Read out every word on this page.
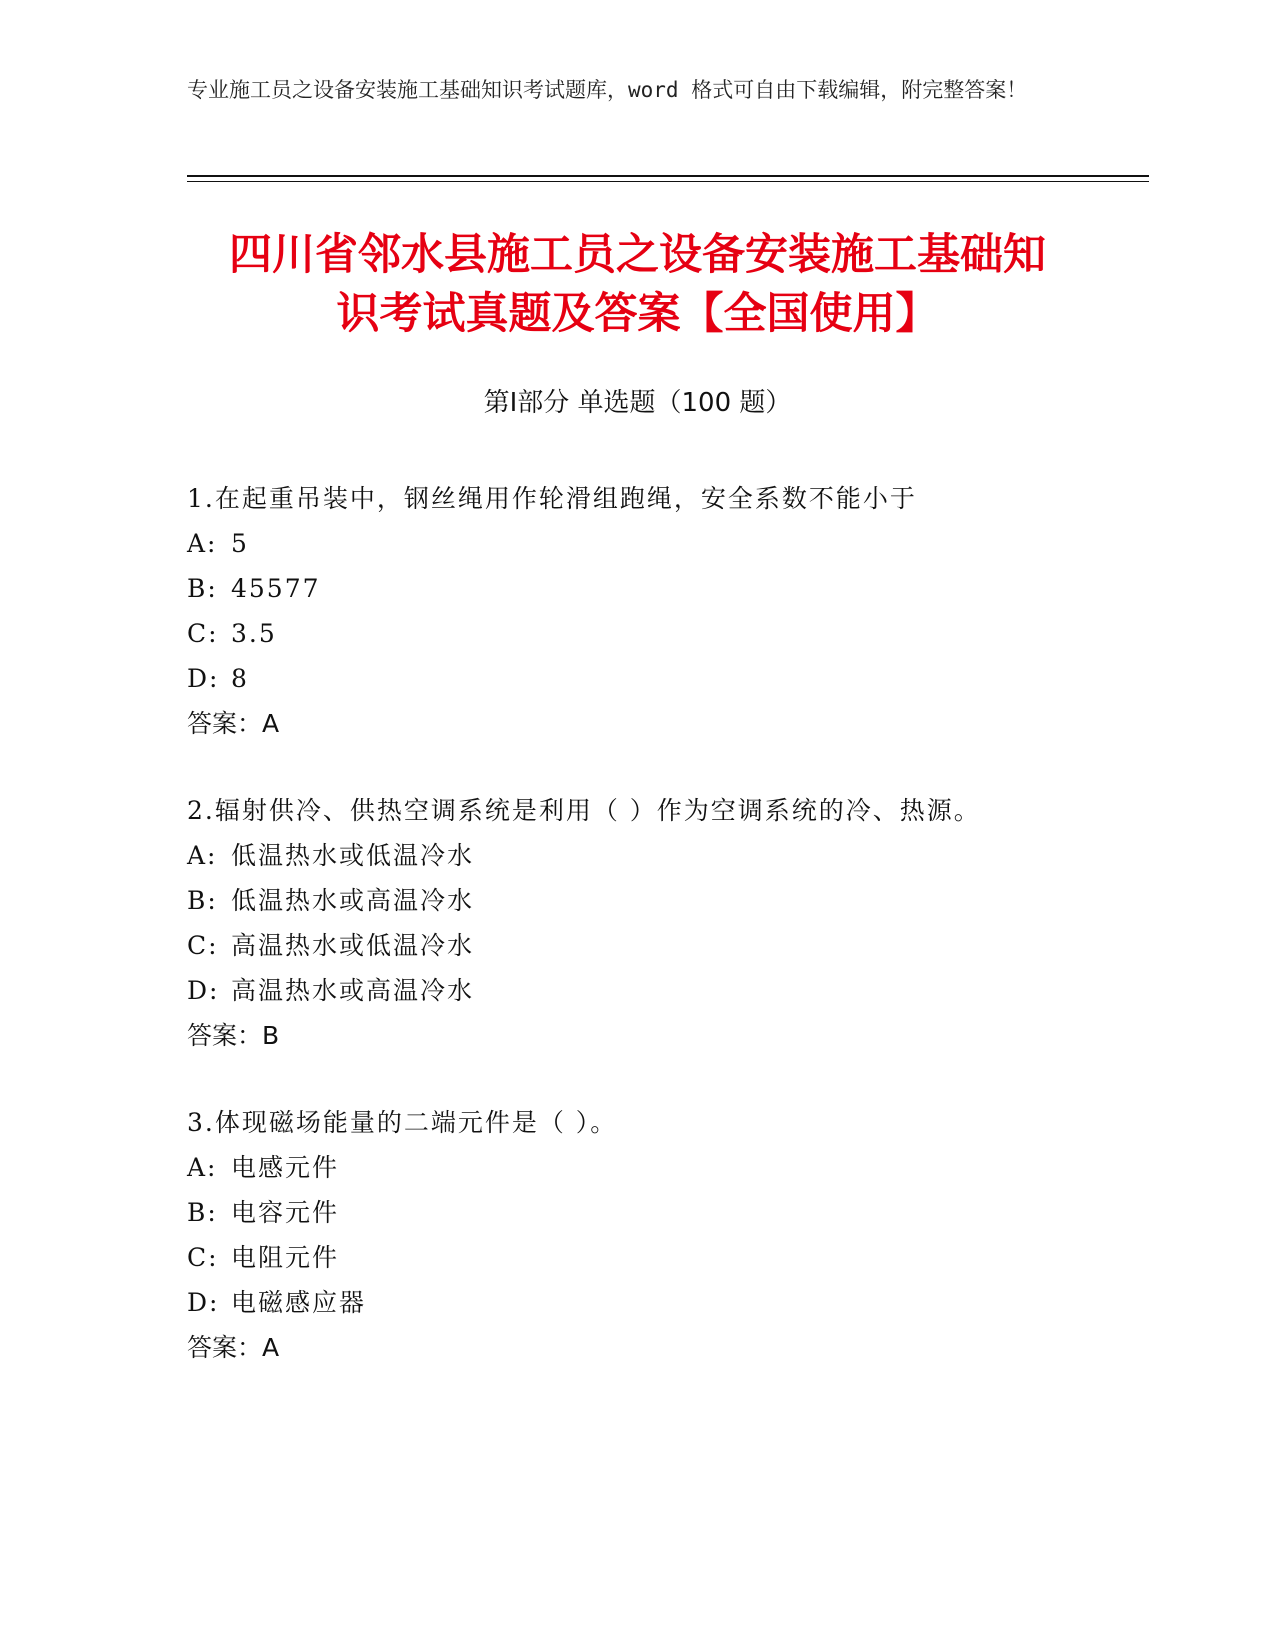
专业施工员之设备安装施工基础知识考试题库，word 格式可自由下载编辑，附完整答案！
四川省邻水县施工员之设备安装施工基础知
识考试真题及答案【全国使用】
第Ⅰ部分 单选题（100 题）
1.在起重吊装中，钢丝绳用作轮滑组跑绳，安全系数不能小于
A: 5
B: 45577
C: 3.5
D: 8
答案：A
2.辐射供冷、供热空调系统是利用（ ）作为空调系统的冷、热源。
A: 低温热水或低温冷水
B: 低温热水或高温冷水
C: 高温热水或低温冷水
D: 高温热水或高温冷水
答案：B
3.体现磁场能量的二端元件是（ ）。
A: 电感元件
B: 电容元件
C: 电阻元件
D: 电磁感应器
答案：A
